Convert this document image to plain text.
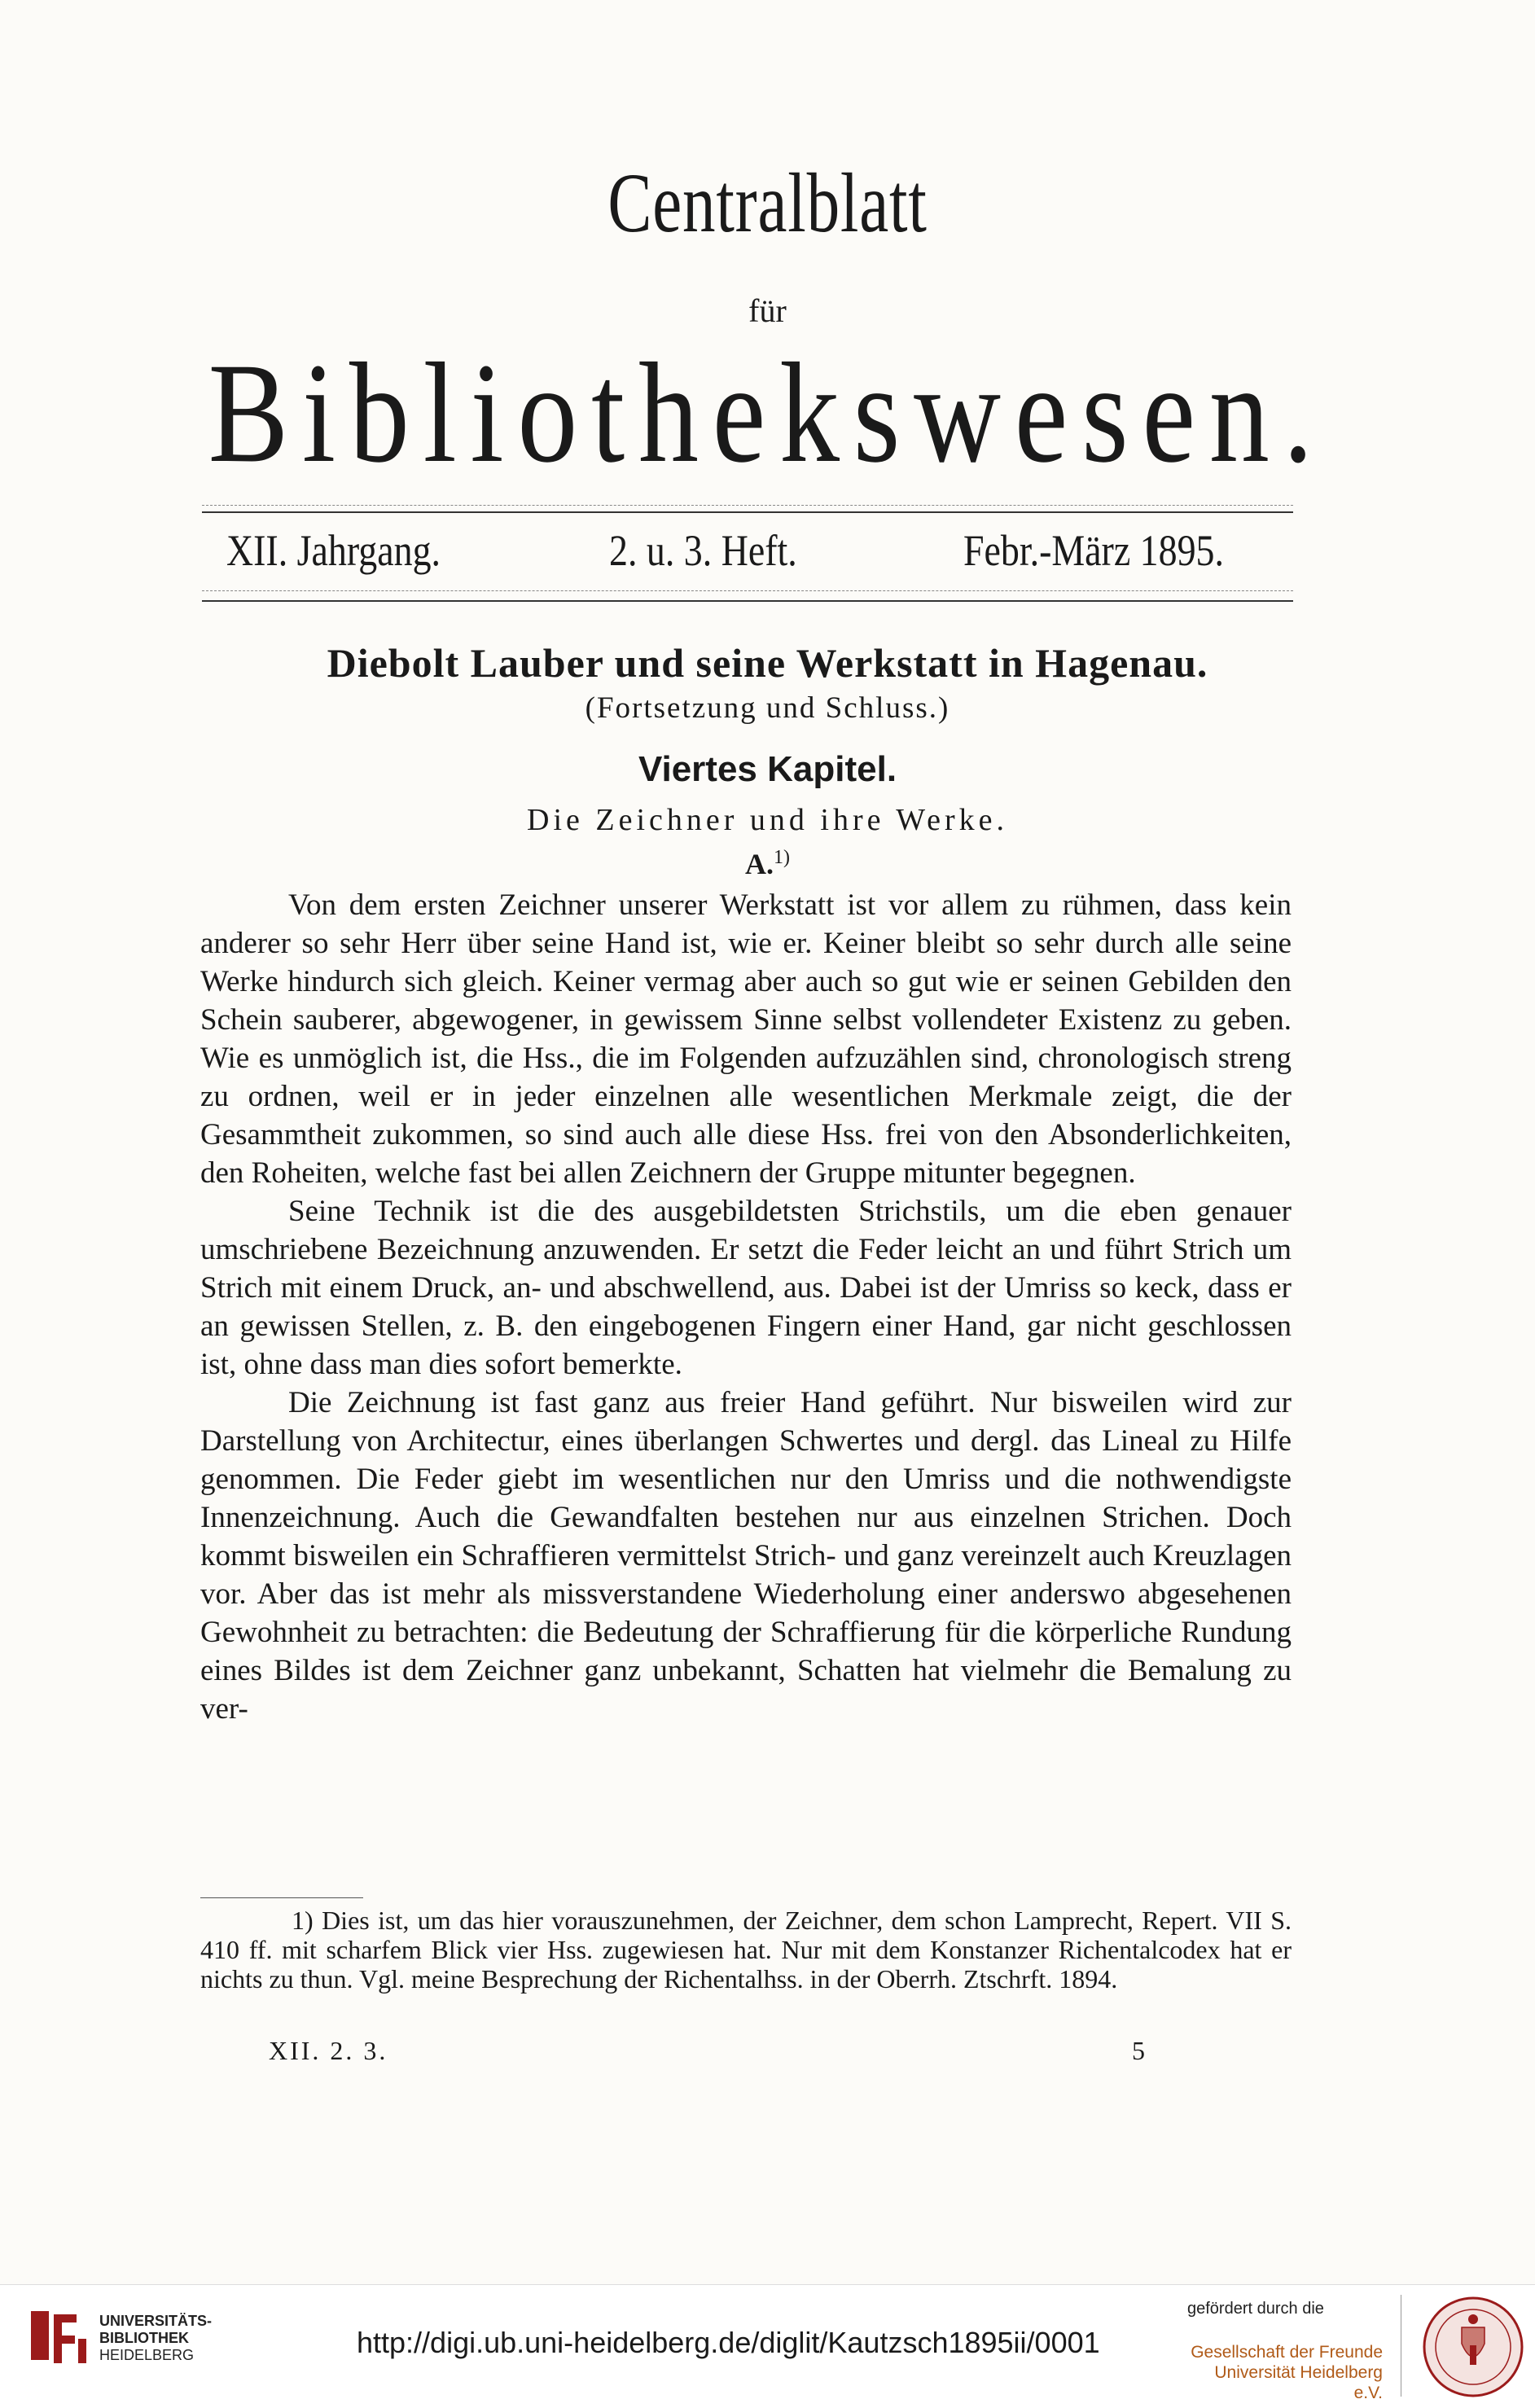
Centralblatt
für
Bibliothekswesen.
XII. Jahrgang.	2. u. 3. Heft.	Febr.-März 1895.
Diebolt Lauber und seine Werkstatt in Hagenau.
(Fortsetzung und Schluss.)
Viertes Kapitel.
Die Zeichner und ihre Werke.
A.$^{1)}$

Von dem ersten Zeichner unserer Werkstatt ist vor allem zu rühmen, dass kein anderer so sehr Herr über seine Hand ist, wie er. Keiner bleibt so sehr durch alle seine Werke hindurch sich gleich. Keiner vermag aber auch so gut wie er seinen Gebilden den Schein sauberer, abgewogener, in gewissem Sinne selbst vollendeter Existenz zu geben. Wie es unmöglich ist, die Hss., die im Folgenden aufzuzählen sind, chronologisch streng zu ordnen, weil er in jeder einzelnen alle wesentlichen Merkmale zeigt, die der Gesammtheit zukommen, so sind auch alle diese Hss. frei von den Absonderlichkeiten, den Roheiten, welche fast bei allen Zeichnern der Gruppe mitunter begegnen.

Seine Technik ist die des ausgebildetsten Strichstils, um die eben genauer umschriebene Bezeichnung anzuwenden. Er setzt die Feder leicht an und führt Strich um Strich mit einem Druck, an- und abschwellend, aus. Dabei ist der Umriss so keck, dass er an gewissen Stellen, z. B. den eingebogenen Fingern einer Hand, gar nicht geschlossen ist, ohne dass man dies sofort bemerkte.

Die Zeichnung ist fast ganz aus freier Hand geführt. Nur bisweilen wird zur Darstellung von Architectur, eines überlangen Schwertes und dergl. das Lineal zu Hilfe genommen. Die Feder giebt im wesentlichen nur den Umriss und die nothwendigste Innenzeichnung. Auch die Gewandfalten bestehen nur aus einzelnen Strichen. Doch kommt bisweilen ein Schraffieren vermittelst Strich- und ganz vereinzelt auch Kreuzlagen vor. Aber das ist mehr als missverstandene Wiederholung einer anderswo abgesehenen Gewohnheit zu betrachten: die Bedeutung der Schraffierung für die körperliche Rundung eines Bildes ist dem Zeichner ganz unbekannt, Schatten hat vielmehr die Bemalung zu ver-

1) Dies ist, um das hier vorauszunehmen, der Zeichner, dem schon Lamprecht, Repert. VII S. 410 ff. mit scharfem Blick vier Hss. zugewiesen hat. Nur mit dem Konstanzer Richentalcodex hat er nichts zu thun. Vgl. meine Besprechung der Richentalhss. in der Oberrh. Ztschrft. 1894.

XII. 2. 3.	5
UNIVERSITÄTS-
BIBLIOTHEK
HEIDELBERG	http://digi.ub.uni-heidelberg.de/diglit/Kautzsch1895ii/0001
gefördert durch die
Gesellschaft der Freunde
Universität Heidelberg e.V.
